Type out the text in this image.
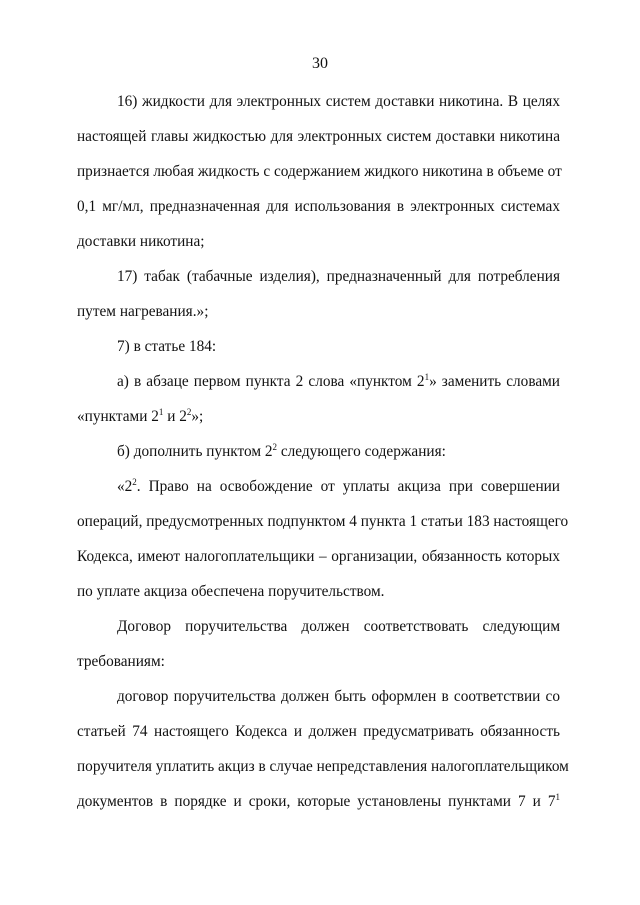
30
16) жидкости для электронных систем доставки никотина. В целях
настоящей главы жидкостью для электронных систем доставки никотина
признается любая жидкость с содержанием жидкого никотина в объеме от
0,1 мг/мл, предназначенная для использования в электронных системах
доставки никотина;
17) табак (табачные изделия), предназначенный для потребления
путем нагревания.»;
7) в статье 184:
а) в абзаце первом пункта 2 слова «пунктом $2^1$» заменить словами
«пунктами $2^1$ и $2^2$»;
б) дополнить пунктом $2^2$ следующего содержания:
«$2^2$. Право на освобождение от уплаты акциза при совершении
операций, предусмотренных подпунктом 4 пункта 1 статьи 183 настоящего
Кодекса, имеют налогоплательщики – организации, обязанность которых
по уплате акциза обеспечена поручительством.
Договор поручительства должен соответствовать следующим
требованиям:
договор поручительства должен быть оформлен в соответствии со
статьей 74 настоящего Кодекса и должен предусматривать обязанность
поручителя уплатить акциз в случае непредставления налогоплательщиком
документов в порядке и сроки, которые установлены пунктами 7 и $7^1$
